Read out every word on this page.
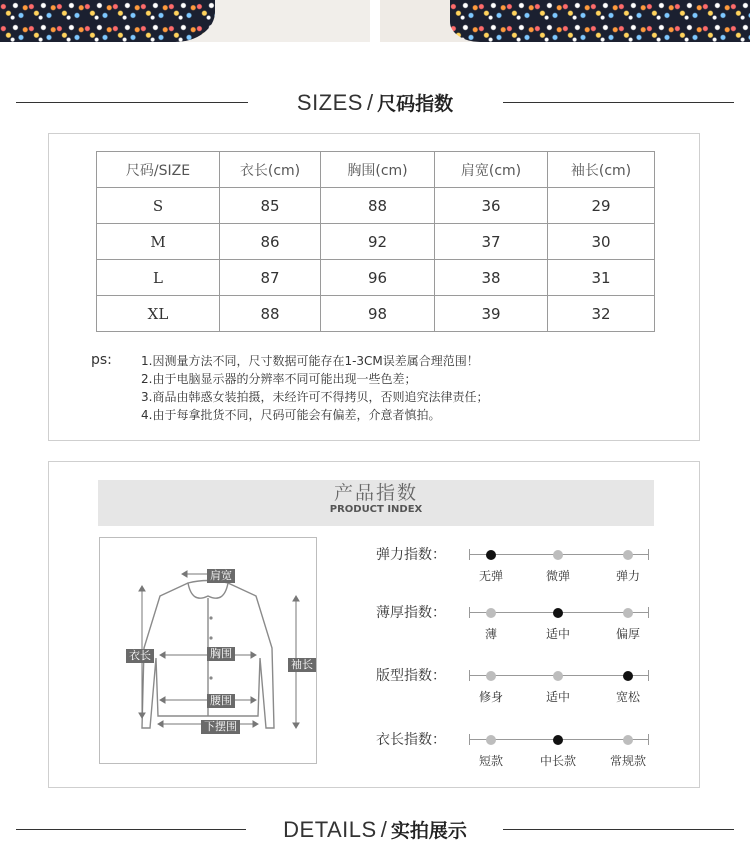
SIZES / 尺码指数
尺码/SIZE	衣长(cm)	胸围(cm)	肩宽(cm)	袖长(cm)
S	85	88	36	29
M	86	92	37	30
L	87	96	38	31
XL	88	98	39	32
ps: 1.因测量方法不同，尺寸数据可能存在1-3CM误差属合理范围！
2.由于电脑显示器的分辨率不同可能出现一些色差；
3.商品由韩惑女装拍摄，未经许可不得拷贝，否则追究法律责任；
4.由于每拿批货不同，尺码可能会有偏差，介意者慎拍。
产品指数
PRODUCT INDEX
肩宽
衣长	胸围
袖长
腰围
下摆围
弹力指数：
无弹	微弹	弹力
薄厚指数：
薄	适中	偏厚
版型指数：
修身	适中	宽松
衣长指数：
短款	中长款	常规款
DETAILS / 实拍展示
